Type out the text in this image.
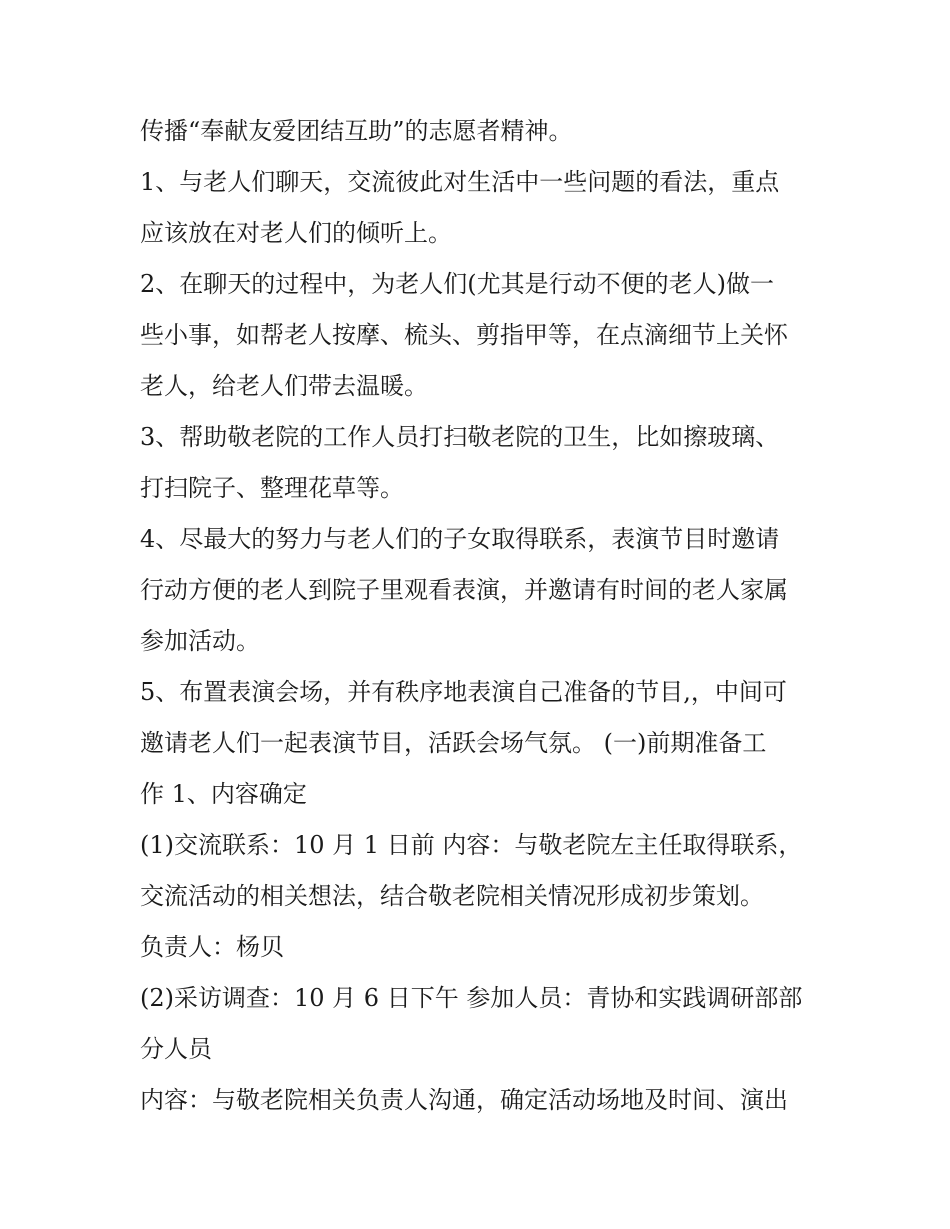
传播“奉献友爱团结互助”的志愿者精神。
1、与老人们聊天，交流彼此对生活中一些问题的看法，重点
应该放在对老人们的倾听上。
2、在聊天的过程中，为老人们(尤其是行动不便的老人)做一
些小事，如帮老人按摩、梳头、剪指甲等，在点滴细节上关怀
老人，给老人们带去温暖。
3、帮助敬老院的工作人员打扫敬老院的卫生，比如擦玻璃、
打扫院子、整理花草等。
4、尽最大的努力与老人们的子女取得联系，表演节目时邀请
行动方便的老人到院子里观看表演，并邀请有时间的老人家属
参加活动。
5、布置表演会场，并有秩序地表演自己准备的节目,，中间可
邀请老人们一起表演节目，活跃会场气氛。 (一)前期准备工
作 1、内容确定
(1)交流联系：10 月 1 日前 内容：与敬老院左主任取得联系，
交流活动的相关想法，结合敬老院相关情况形成初步策划。
负责人：杨贝
(2)采访调查：10 月 6 日下午 参加人员：青协和实践调研部部
分人员
内容：与敬老院相关负责人沟通，确定活动场地及时间、演出
